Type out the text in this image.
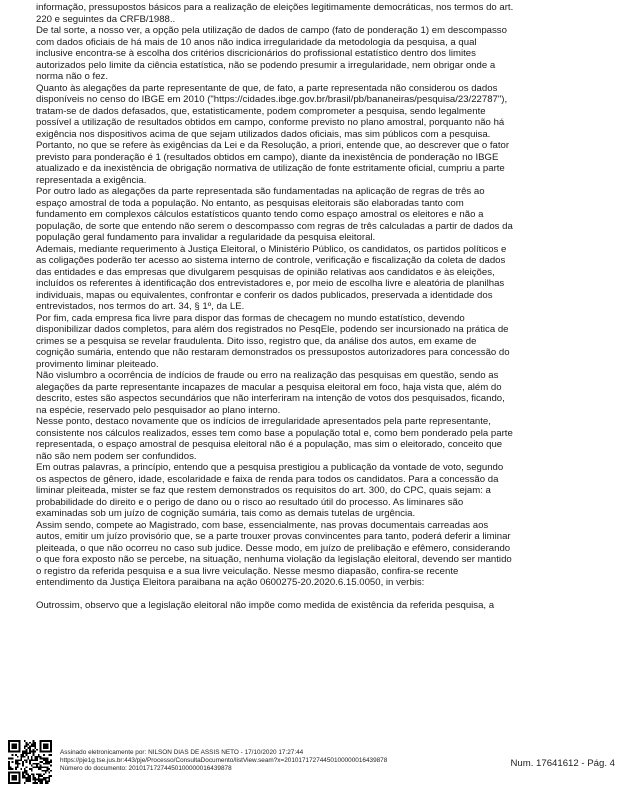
informação, pressupostos básicos para a realização de eleições legitimamente democráticas, nos termos do art.
220 e seguintes da CRFB/1988..

De tal sorte, a nosso ver, a opção pela utilização de dados de campo (fato de ponderação 1) em descompasso
com dados oficiais de há mais de 10 anos não indica irregularidade da metodologia da pesquisa, a qual
inclusive encontra-se à escolha dos critérios discricionários do profissional estatístico dentro dos limites
autorizados pelo limite da ciência estatística, não se podendo presumir a irregularidade, nem obrigar onde a
norma não o fez.

Quanto às alegações da parte representante de que, de fato, a parte representada não considerou os dados
disponíveis no censo do IBGE em 2010 ("https://cidades.ibge.gov.br/brasil/pb/bananeiras/pesquisa/23/22787"),
tratam-se de dados defasados, que, estatisticamente, podem comprometer a pesquisa, sendo legalmente
possível a utilização de resultados obtidos em campo, conforme previsto no plano amostral, porquanto não há
exigência nos dispositivos acima de que sejam utilizados dados oficiais, mas sim públicos com a pesquisa.

Portanto, no que se refere às exigências da Lei e da Resolução, a priori, entende que, ao descrever que o fator
previsto para ponderação é 1 (resultados obtidos em campo), diante da inexistência de ponderação no IBGE
atualizado e da inexistência de obrigação normativa de utilização de fonte estritamente oficial, cumpriu a parte
representada a exigência.

Por outro lado as alegações da parte representada são fundamentadas na aplicação de regras de três ao
espaço amostral de toda a população. No entanto, as pesquisas eleitorais são elaboradas tanto com
fundamento em complexos cálculos estatísticos quanto tendo como espaço amostral os eleitores e não a
população, de sorte que entendo não serem o descompasso com regras de três calculadas a partir de dados da
população geral fundamento para invalidar a regularidade da pesquisa eleitoral.

Ademais, mediante requerimento à Justiça Eleitoral, o Ministério Público, os candidatos, os partidos políticos e
as coligações poderão ter acesso ao sistema interno de controle, verificação e fiscalização da coleta de dados
das entidades e das empresas que divulgarem pesquisas de opinião relativas aos candidatos e às eleições,
incluídos os referentes à identificação dos entrevistadores e, por meio de escolha livre e aleatória de planilhas
individuais, mapas ou equivalentes, confrontar e conferir os dados publicados, preservada a identidade dos
entrevistados, nos termos do art. 34, § 1º, da LE.

Por fim, cada empresa fica livre para dispor das formas de checagem no mundo estatístico, devendo
disponibilizar dados completos, para além dos registrados no PesqEle, podendo ser incursionado na prática de
crimes se a pesquisa se revelar fraudulenta. Dito isso, registro que, da análise dos autos, em exame de
cognição sumária, entendo que não restaram demonstrados os pressupostos autorizadores para concessão do
provimento liminar pleiteado.

Não vislumbro a ocorrência de indícios de fraude ou erro na realização das pesquisas em questão, sendo as
alegações da parte representante incapazes de macular a pesquisa eleitoral em foco, haja vista que, além do
descrito, estes são aspectos secundários que não interferiram na intenção de votos dos pesquisados, ficando,
na espécie, reservado pelo pesquisador ao plano interno.

Nesse ponto, destaco novamente que os indícios de irregularidade apresentados pela parte representante,
consistente nos cálculos realizados, esses tem como base a população total e, como bem ponderado pela parte
representada, o espaço amostral de pesquisa eleitoral não é a população, mas sim o eleitorado, conceito que
não são nem podem ser confundidos.

Em outras palavras, a princípio, entendo que a pesquisa prestigiou a publicação da vontade de voto, segundo
os aspectos de gênero, idade, escolaridade e faixa de renda para todos os candidatos. Para a concessão da
liminar pleiteada, mister se faz que restem demonstrados os requisitos do art. 300, do CPC, quais sejam: a
probabilidade do direito e o perigo de dano ou o risco ao resultado útil do processo. As liminares são
examinadas sob um juízo de cognição sumária, tais como as demais tutelas de urgência.

Assim sendo, compete ao Magistrado, com base, essencialmente, nas provas documentais carreadas aos
autos, emitir um juízo provisório que, se a parte trouxer provas convincentes para tanto, poderá deferir a liminar
pleiteada, o que não ocorreu no caso sub judice. Desse modo, em juízo de prelibação e efêmero, considerando
o que fora exposto não se percebe, na situação, nenhuma violação da legislação eleitoral, devendo ser mantido
o registro da referida pesquisa e a sua livre veiculação. Nesse mesmo diapasão, confira-se recente
entendimento da Justiça Eleitora paraibana na ação 0600275-20.2020.6.15.0050, in verbis:

Outrossim, observo que a legislação eleitoral não impõe como medida de existência da referida pesquisa, a

Assinado eletronicamente por: NILSON DIAS DE ASSIS NETO - 17/10/2020 17:27:44
https://pje1g.tse.jus.br:443/pje/Processo/ConsultaDocumento/listView.seam?x=20101717274450100000016439878
Número do documento: 20101717274450100000016439878	Num. 17641612 - Pág. 4
